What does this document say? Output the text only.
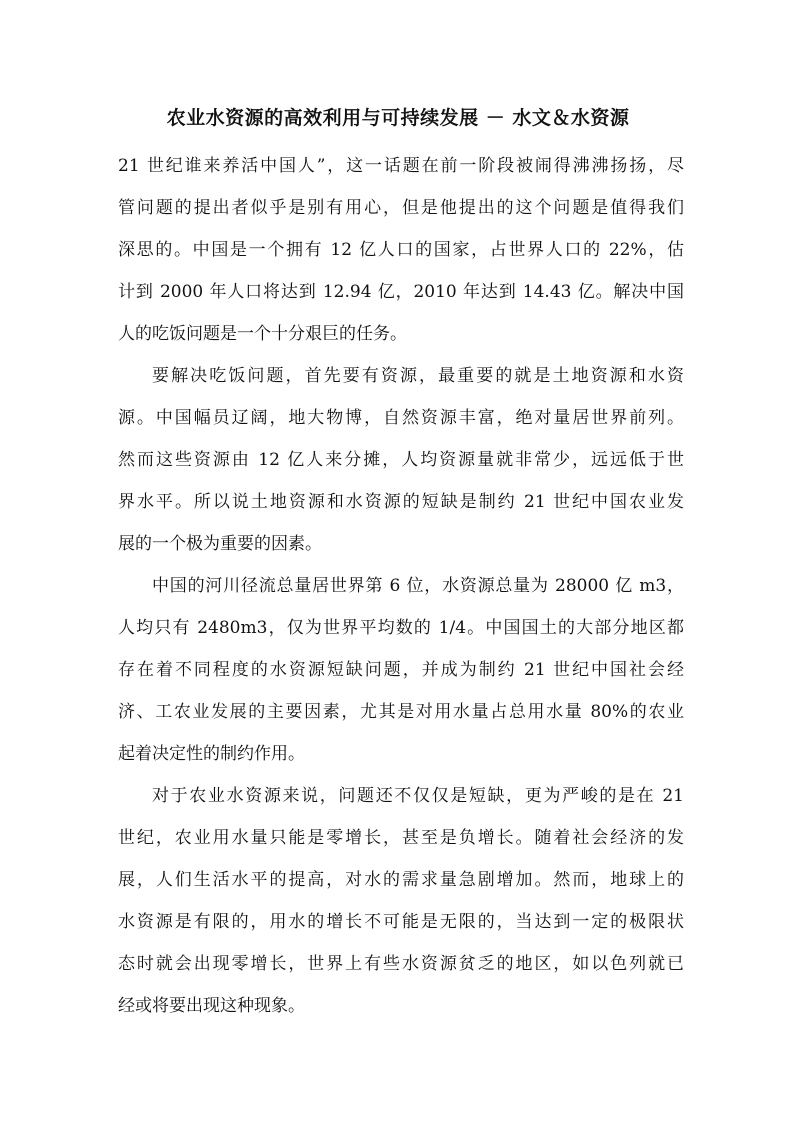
农业水资源的高效利用与可持续发展 － 水文＆水资源
21 世纪谁来养活中国人”，这一话题在前一阶段被闹得沸沸扬扬，尽
管问题的提出者似乎是别有用心，但是他提出的这个问题是值得我们
深思的。中国是一个拥有 12 亿人口的国家，占世界人口的 22%，估
计到 2000 年人口将达到 12.94 亿，2010 年达到 14.43 亿。解决中国
人的吃饭问题是一个十分艰巨的任务。
要解决吃饭问题，首先要有资源，最重要的就是土地资源和水资
源。中国幅员辽阔，地大物博，自然资源丰富，绝对量居世界前列。
然而这些资源由 12 亿人来分摊，人均资源量就非常少，远远低于世
界水平。所以说土地资源和水资源的短缺是制约 21 世纪中国农业发
展的一个极为重要的因素。
中国的河川径流总量居世界第 6 位，水资源总量为 28000 亿 m3，
人均只有 2480m3，仅为世界平均数的 1/4。中国国土的大部分地区都
存在着不同程度的水资源短缺问题，并成为制约 21 世纪中国社会经
济、工农业发展的主要因素，尤其是对用水量占总用水量 80%的农业
起着决定性的制约作用。
对于农业水资源来说，问题还不仅仅是短缺，更为严峻的是在 21
世纪，农业用水量只能是零增长，甚至是负增长。随着社会经济的发
展，人们生活水平的提高，对水的需求量急剧增加。然而，地球上的
水资源是有限的，用水的增长不可能是无限的，当达到一定的极限状
态时就会出现零增长，世界上有些水资源贫乏的地区，如以色列就已
经或将要出现这种现象。
